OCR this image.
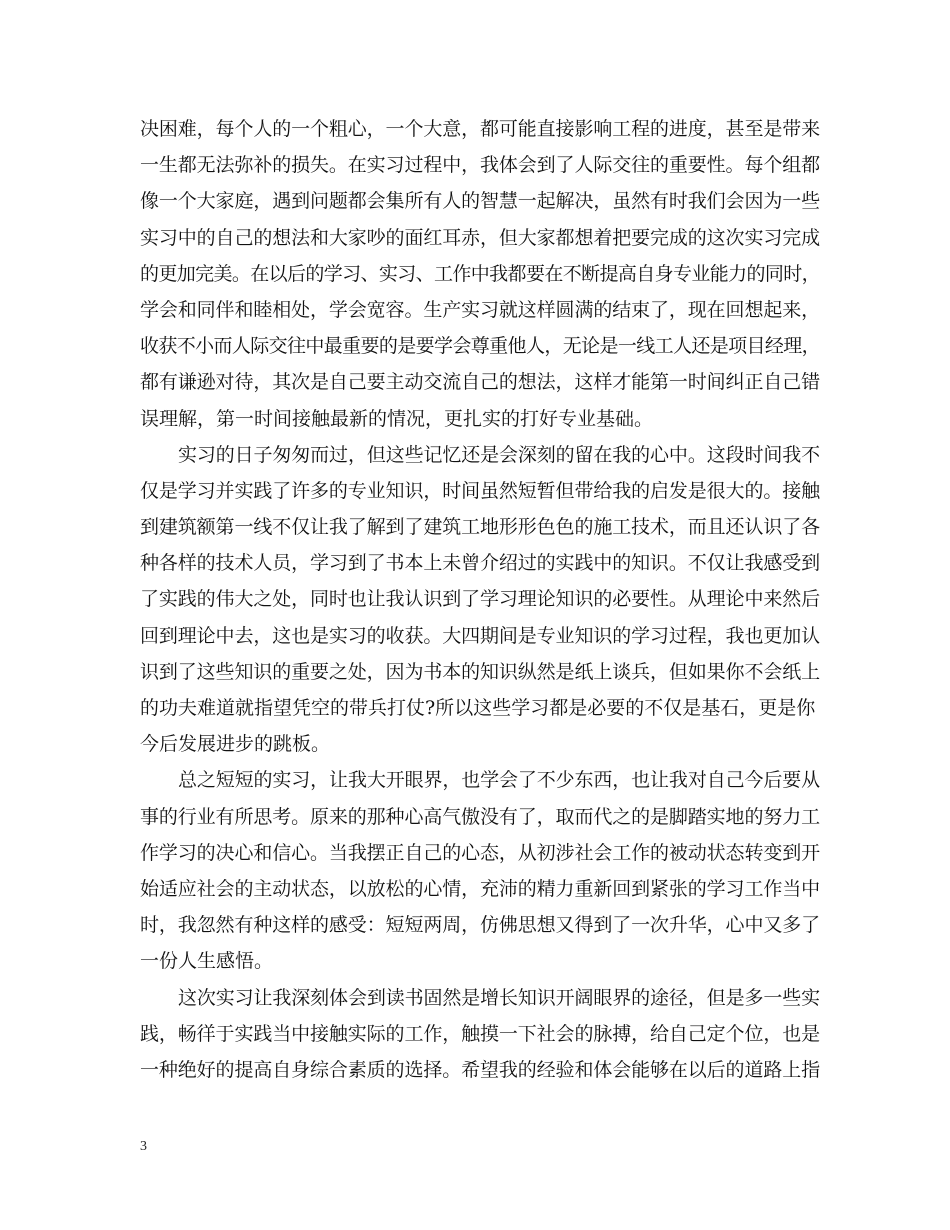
决困难，每个人的一个粗心，一个大意，都可能直接影响工程的进度，甚至是带来
一生都无法弥补的损失。在实习过程中，我体会到了人际交往的重要性。每个组都
像一个大家庭，遇到问题都会集所有人的智慧一起解决，虽然有时我们会因为一些
实习中的自己的想法和大家吵的面红耳赤，但大家都想着把要完成的这次实习完成
的更加完美。在以后的学习、实习、工作中我都要在不断提高自身专业能力的同时，
学会和同伴和睦相处，学会宽容。生产实习就这样圆满的结束了，现在回想起来，
收获不小而人际交往中最重要的是要学会尊重他人，无论是一线工人还是项目经理，
都有谦逊对待，其次是自己要主动交流自己的想法，这样才能第一时间纠正自己错
误理解，第一时间接触最新的情况，更扎实的打好专业基础。
实习的日子匆匆而过，但这些记忆还是会深刻的留在我的心中。这段时间我不
仅是学习并实践了许多的专业知识，时间虽然短暂但带给我的启发是很大的。接触
到建筑额第一线不仅让我了解到了建筑工地形形色色的施工技术，而且还认识了各
种各样的技术人员，学习到了书本上未曾介绍过的实践中的知识。不仅让我感受到
了实践的伟大之处，同时也让我认识到了学习理论知识的必要性。从理论中来然后
回到理论中去，这也是实习的收获。大四期间是专业知识的学习过程，我也更加认
识到了这些知识的重要之处，因为书本的知识纵然是纸上谈兵，但如果你不会纸上
的功夫难道就指望凭空的带兵打仗?所以这些学习都是必要的不仅是基石，更是你
今后发展进步的跳板。
总之短短的实习，让我大开眼界，也学会了不少东西，也让我对自己今后要从
事的行业有所思考。原来的那种心高气傲没有了，取而代之的是脚踏实地的努力工
作学习的决心和信心。当我摆正自己的心态，从初涉社会工作的被动状态转变到开
始适应社会的主动状态，以放松的心情，充沛的精力重新回到紧张的学习工作当中
时，我忽然有种这样的感受：短短两周，仿佛思想又得到了一次升华，心中又多了
一份人生感悟。
这次实习让我深刻体会到读书固然是增长知识开阔眼界的途径，但是多一些实
践，畅徉于实践当中接触实际的工作，触摸一下社会的脉搏，给自己定个位，也是
一种绝好的提高自身综合素质的选择。希望我的经验和体会能够在以后的道路上指
3
